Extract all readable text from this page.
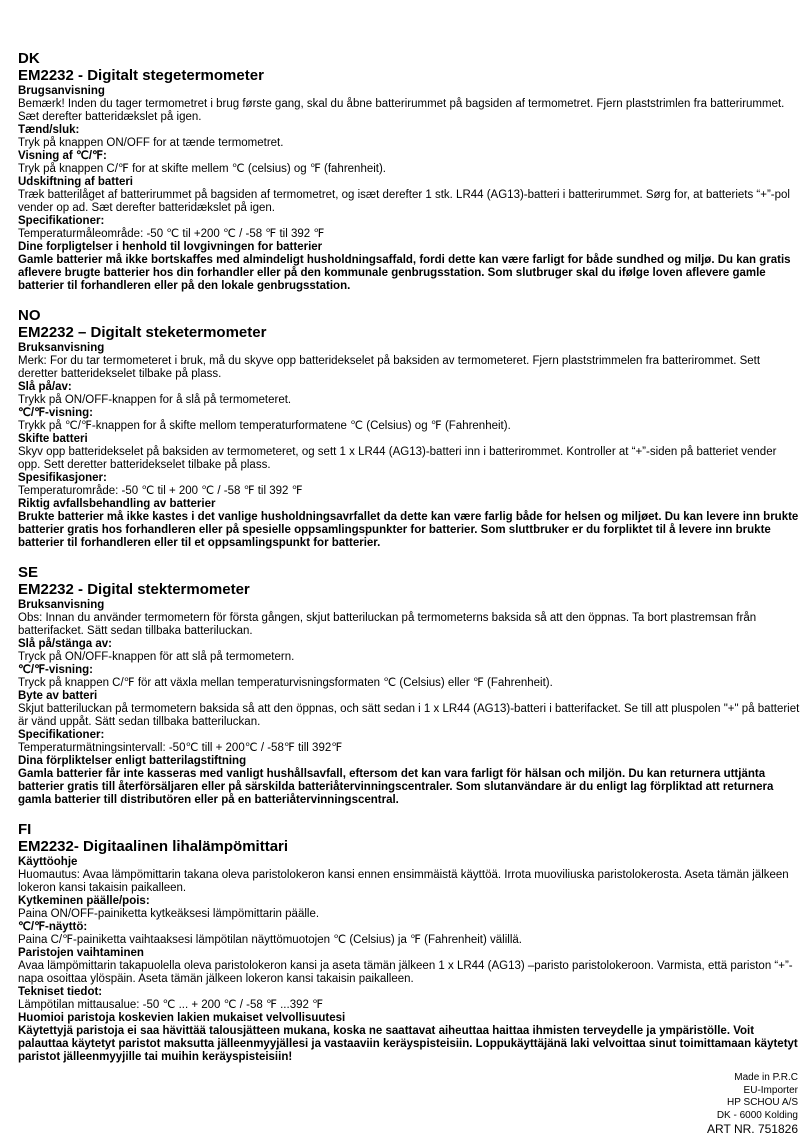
DK
EM2232 - Digitalt stegetermometer
Brugsanvisning
Bemærk! Inden du tager termometret i brug første gang, skal du åbne batterirummet på bagsiden af termometret. Fjern plaststrimlen fra batterirummet. Sæt derefter batteridækslet på igen.
Tænd/sluk:
Tryk på knappen ON/OFF for at tænde termometret.
Visning af ℃/℉:
Tryk på knappen C/℉ for at skifte mellem ℃ (celsius) og ℉ (fahrenheit).
Udskiftning af batteri
Træk batterilåget af batterirummet på bagsiden af termometret, og isæt derefter 1 stk. LR44 (AG13)-batteri i batterirummet. Sørg for, at batteriets “+”-pol vender op ad. Sæt derefter batteridækslet på igen.
Specifikationer:
Temperaturmåleområde: -50 ℃ til +200 ℃ / -58 ℉ til 392 ℉
Dine forpligtelser i henhold til lovgivningen for batterier
Gamle batterier må ikke bortskaffes med almindeligt husholdningsaffald, fordi dette kan være farligt for både sundhed og miljø. Du kan gratis aflevere brugte batterier hos din forhandler eller på den kommunale genbrugsstation. Som slutbruger skal du ifølge loven aflevere gamle batterier til forhandleren eller på den lokale genbrugsstation.
NO
EM2232 – Digitalt steketermometer
Bruksanvisning
Merk: For du tar termometeret i bruk, må du skyve opp batteridekselet på baksiden av termometeret. Fjern plaststrimmelen fra batterirommet. Sett deretter batteridekselet tilbake på plass.
Slå på/av:
Trykk på ON/OFF-knappen for å slå på termometeret.
℃/℉-visning:
Trykk på ℃/℉-knappen for å skifte mellom temperaturformatene ℃ (Celsius) og ℉ (Fahrenheit).
Skifte batteri
Skyv opp batteridekselet på baksiden av termometeret, og sett 1 x LR44 (AG13)-batteri inn i batterirommet. Kontroller at “+”-siden på batteriet vender opp. Sett deretter batteridekselet tilbake på plass.
Spesifikasjoner:
Temperaturområde: -50 ℃ til + 200 ℃ / -58 ℉ til 392 ℉
Riktig avfallsbehandling av batterier
Brukte batterier må ikke kastes i det vanlige husholdningsavrfallet da dette kan være farlig både for helsen og miljøet. Du kan levere inn brukte batterier gratis hos forhandleren eller på spesielle oppsamlingspunkter for batterier. Som sluttbruker er du forpliktet til å levere inn brukte batterier til forhandleren eller til et oppsamlingspunkt for batterier.
SE
EM2232 - Digital stektermometer
Bruksanvisning
Obs: Innan du använder termometern för första gången, skjut batteriluckan på termometerns baksida så att den öppnas. Ta bort plastremsan från batterifacket. Sätt sedan tillbaka batteriluckan.
Slå på/stänga av:
Tryck på ON/OFF-knappen för att slå på termometern.
℃/℉-visning:
Tryck på knappen C/℉ för att växla mellan temperaturvisningsformaten ℃ (Celsius) eller ℉ (Fahrenheit).
Byte av batteri
Skjut batteriluckan på termometern baksida så att den öppnas, och sätt sedan i 1 x LR44 (AG13)-batteri i batterifacket. Se till att pluspolen "+" på batteriet är vänd uppåt. Sätt sedan tillbaka batteriluckan.
Specifikationer:
Temperaturmätningsintervall: -50℃ till + 200℃ / -58℉ till 392℉
Dina förpliktelser enligt batterilagstiftning
Gamla batterier får inte kasseras med vanligt hushållsavfall, eftersom det kan vara farligt för hälsan och miljön. Du kan returnera uttjänta batterier gratis till återförsäljaren eller på särskilda batteriåtervinningscentraler. Som slutanvändare är du enligt lag förpliktad att returnera gamla batterier till distributören eller på en batteriåtervinningscentral.
FI
EM2232- Digitaalinen lihalämpömittari
Käyttöohje
Huomautus: Avaa lämpömittarin takana oleva paristolokeron kansi ennen ensimmäistä käyttöä. Irrota muoviliuska paristolokerosta. Aseta tämän jälkeen lokeron kansi takaisin paikalleen.
Kytkeminen päälle/pois:
Paina ON/OFF-painiketta kytkeäksesi lämpömittarin päälle.
℃/℉-näyttö:
Paina C/℉-painiketta vaihtaaksesi lämpötilan näyttömuotojen ℃ (Celsius) ja ℉ (Fahrenheit) välillä.
Paristojen vaihtaminen
Avaa lämpömittarin takapuolella oleva paristolokeron kansi ja aseta tämän jälkeen 1 x LR44 (AG13) –paristo paristolokeroon. Varmista, että pariston “+”-napa osoittaa ylöspäin. Aseta tämän jälkeen lokeron kansi takaisin paikalleen.
Tekniset tiedot:
Lämpötilan mittausalue: -50 ℃ ... + 200 ℃ / -58 ℉ ...392 ℉
Huomioi paristoja koskevien lakien mukaiset velvollisuutesi
Käytettyjä paristoja ei saa hävittää talousjätteen mukana, koska ne saattavat aiheuttaa haittaa ihmisten terveydelle ja ympäristölle. Voit palauttaa käytetyt paristot maksutta jälleenmyyjällesi ja vastaaviin keräyspisteisiin. Loppukäyttäjänä laki velvoittaa sinut toimittamaan käytetyt paristot jälleenmyyjille tai muihin keräyspisteisiin!
Made in P.R.C
EU-Importer
HP SCHOU A/S
DK - 6000 Kolding
ART NR. 751826
